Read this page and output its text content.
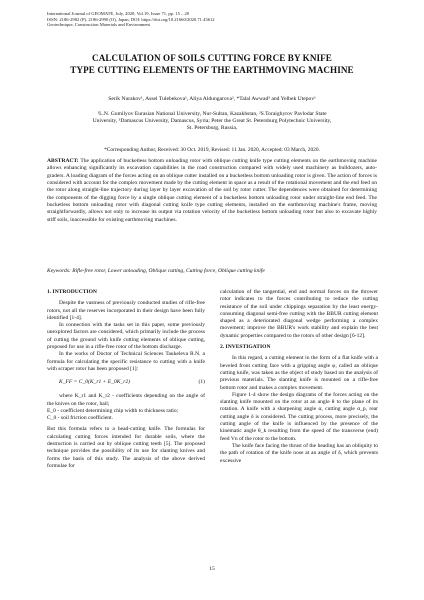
International Journal of GEOMATE, July, 2020, Vol.19, Issue 71, pp. 15 – 20
ISSN: 2186-2982 (P), 2186-2990 (O), Japan, DOI: https://doi.org/10.21660/2020.71.43612
Geotechnique, Construction Materials and Environment
CALCULATION OF SOILS CUTTING FORCE BY KNIFE
TYPE CUTTING ELEMENTS OF THE EARTHMOVING MACHINE
Serik Nurakov¹, Assel Tulebekova¹, Aliya Aldungarova², *Talal Awwad³ and Yelbek Utepov¹
¹L.N. Gumilyov Eurasian National University, Nur-Sultan, Kazakhstan, ²S.Toraighyrov Pavlodar State
University, ³Damascus University, Damascus, Syria; Peter the Great St. Petersburg Polytechnic University,
St. Petersburg, Russia,
*Corresponding Author, Received: 30 Oct. 2019, Revised: 11 Jan. 2020, Accepted: 03 March, 2020.
ABSTRACT: The application of bucketless bottom unloading rotor with oblique cutting knife type cutting elements on the earthmoving machine allows enhancing significantly its excavation capabilities in the road construction compared with widely used machinery as bulldozers, auto-graders. A loading diagram of the forces acting on an oblique cutter installed on a bucketless bottom unloading rotor is given. The action of forces is considered with account for the complex movement made by the cutting element in space as a result of the rotational movement and the end feed on the rotor along straight-line trajectory during layer by layer excavation of the soil by rotor cutter. The dependences were obtained for determining the components of the digging force by a single oblique cutting element of a bucketless bottom unloading rotor under straight-line end feed. The bucketless bottom unloading rotor with diagonal cutting knife type cutting elements, installed on the earthmoving machine's frame, moving straightforwardly, allows not only to increase its output via rotation velocity of the bucketless bottom unloading rotor but also to excavate highly stiff soils, inaccessible for existing earthmoving machines.
Keywords: Rifle-free rotor, Lower unloading, Oblique cutting, Cutting force, Oblique cutting knife
1. INTRODUCTION

Despite the vastness of previously conducted studies of rifle-free rotors, not all the reserves incorporated in their design have been fully identified [1-4].

In connection with the tasks set in this paper, some previously unexplored factors are considered, which primarily include the process of cutting the ground with knife cutting elements of oblique cutting, proposed for use in a rifle-free rotor of the bottom discharge.

In the works of Doctor of Technical Sciences Taukeleva R.N. a formula for calculating the specific resistance to cutting with a knife with scraper rotor has been proposed [1]:

K_FF = C_0(K_r1 + E_0K_r2)	(1)

where K_r1 and K_r2 - coefficients depending on the angle of the knives on the rotor, hail;

E_0 - coefficient determining chip width to thickness ratio;

C_0 - soil friction coefficient.

But this formula refers to a head-cutting knife. The formulas for calculating cutting forces intended for durable soils, where the destruction is carried out by oblique cutting teeth [5]. The proposed technique provides the possibility of its use for slanting knives and forms the basis of this study. The analysis of the above derived formulae for

calculation of the tangential, end and normal forces on the thrower rotor indicates to the forces contributing to reduce the cutting resistance of the soil under chippings separation by the least energy-consuming diagonal semi-free cutting with the BBUR cutting element shaped as a deteriorated diagonal wedge performing a complex movement; improve the BBUR's work stability and explain the best dynamic properties compared to the rotors of other design [6-12].

2. INVESTIGATION

In this regard, a cutting element in the form of a flat knife with a beveled front cutting face with a gripping angle φ, called an oblique cutting knife, was taken as the object of study based on the analysis of previous materials. The slanting knife is mounted on a rifle-free bottom rotor and makes a complex movement.

Figure 1-4 show the design diagrams of the forces acting on the slanting knife mounted on the rotor at an angle θ to the plane of its rotation. A knife with a sharpening angle α, cutting angle α_p, rear cutting angle δ is considered. The cutting process, more precisely, the cutting angle of the knife is influenced by the presence of the kinematic angle θ_k resulting from the speed of the transverse (end) feed Vn of the rotor to the bottom.

The knife face facing the thrust of the heading has an obliquity to the path of rotation of the knife nose at an angle of δ, which prevents excessive

15
